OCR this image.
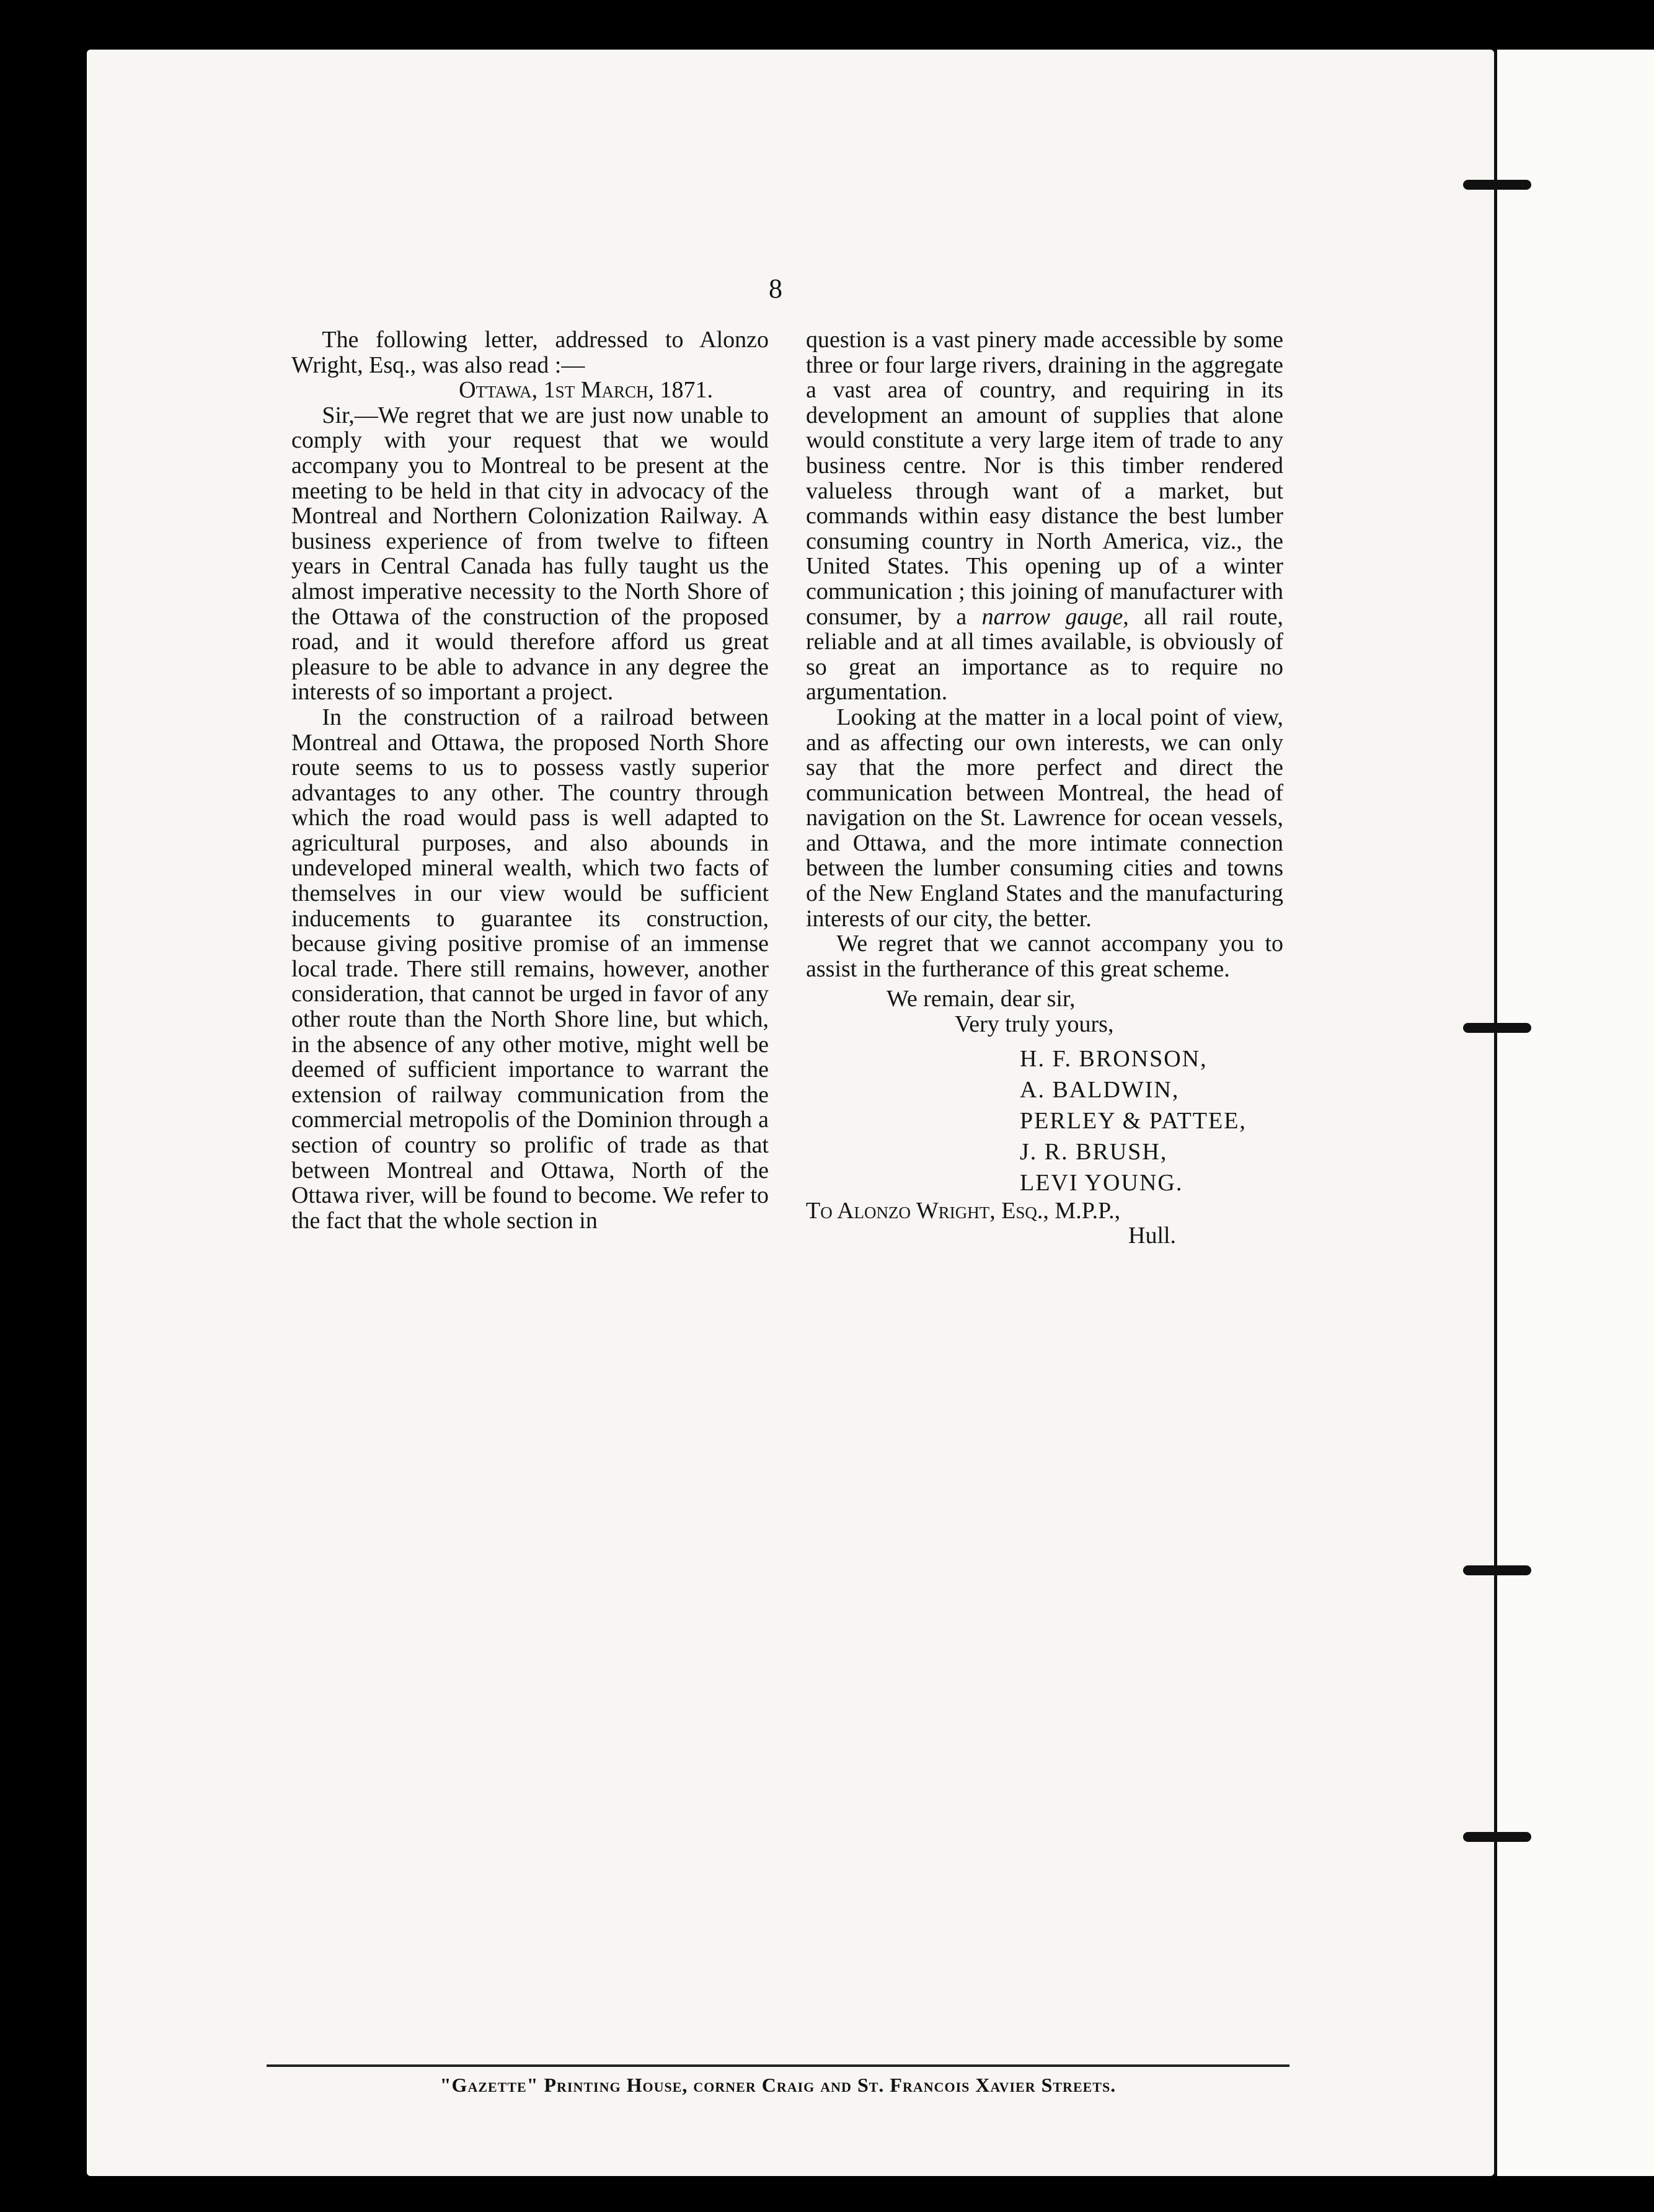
8

The following letter, addressed to Alonzo Wright, Esq., was also read :—

Ottawa, 1st March, 1871.

Sir,—We regret that we are just now unable to comply with your request that we would accompany you to Montreal to be present at the meeting to be held in that city in advocacy of the Montreal and Northern Colonization Railway. A business experience of from twelve to fifteen years in Central Canada has fully taught us the almost imperative necessity to the North Shore of the Ottawa of the construction of the proposed road, and it would therefore afford us great pleasure to be able to advance in any degree the interests of so important a project.

In the construction of a railroad between Montreal and Ottawa, the proposed North Shore route seems to us to possess vastly superior advantages to any other. The country through which the road would pass is well adapted to agricultural purposes, and also abounds in undeveloped mineral wealth, which two facts of themselves in our view would be sufficient inducements to guarantee its construction, because giving positive promise of an immense local trade. There still remains, however, another consideration, that cannot be urged in favor of any other route than the North Shore line, but which, in the absence of any other motive, might well be deemed of sufficient importance to warrant the extension of railway communication from the commercial metropolis of the Dominion through a section of country so prolific of trade as that between Montreal and Ottawa, North of the Ottawa river, will be found to become. We refer to the fact that the whole section in

question is a vast pinery made accessible by some three or four large rivers, draining in the aggregate a vast area of country, and requiring in its development an amount of supplies that alone would constitute a very large item of trade to any business centre. Nor is this timber rendered valueless through want of a market, but commands within easy distance the best lumber consuming country in North America, viz., the United States. This opening up of a winter communication ; this joining of manufacturer with consumer, by a narrow gauge, all rail route, reliable and at all times available, is obviously of so great an importance as to require no argumentation.

Looking at the matter in a local point of view, and as affecting our own interests, we can only say that the more perfect and direct the communication between Montreal, the head of navigation on the St. Lawrence for ocean vessels, and Ottawa, and the more intimate connection between the lumber consuming cities and towns of the New England States and the manufacturing interests of our city, the better.

We regret that we cannot accompany you to assist in the furtherance of this great scheme.

We remain, dear sir,

Very truly yours,

H. F. BRONSON,
A. BALDWIN,
PERLEY & PATTEE,
J. R. BRUSH,
LEVI YOUNG.

To Alonzo Wright, Esq., M.P.P.,

Hull.

"Gazette" Printing House, corner Craig and St. Francois Xavier Streets.
